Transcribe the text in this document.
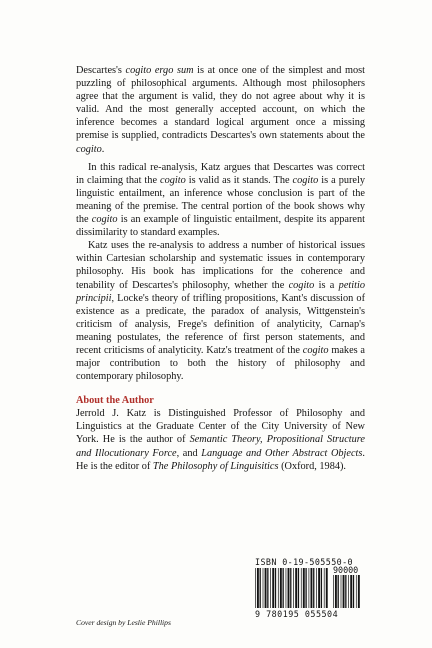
Descartes's cogito ergo sum is at once one of the simplest and most puzzling of philosophical arguments. Although most philosophers agree that the argument is valid, they do not agree about why it is valid. And the most generally accepted account, on which the inference becomes a standard logical argument once a missing premise is supplied, contradicts Descartes's own statements about the cogito.

In this radical re-analysis, Katz argues that Descartes was correct in claiming that the cogito is valid as it stands. The cogito is a purely linguistic entailment, an inference whose conclusion is part of the meaning of the premise. The central portion of the book shows why the cogito is an example of linguistic entailment, despite its apparent dissimilarity to standard examples.

Katz uses the re-analysis to address a number of historical issues within Cartesian scholarship and systematic issues in contemporary philosophy. His book has implications for the coherence and tenability of Descartes's philosophy, whether the cogito is a petitio principii, Locke's theory of trifling propositions, Kant's discussion of existence as a predicate, the paradox of analysis, Wittgenstein's criticism of analysis, Frege's definition of analyticity, Carnap's meaning postulates, the reference of first person statements, and recent criticisms of analyticity. Katz's treatment of the cogito makes a major contribution to both the history of philosophy and contemporary philosophy.

About the Author

Jerrold J. Katz is Distinguished Professor of Philosophy and Linguistics at the Graduate Center of the City University of New York. He is the author of Semantic Theory, Propositional Structure and Illocutionary Force, and Language and Other Abstract Objects. He is the editor of The Philosophy of Linguisitics (Oxford, 1984).

ISBN 0-19-505550-0
90000
9 780195 055504
Cover design by Leslie Phillips
